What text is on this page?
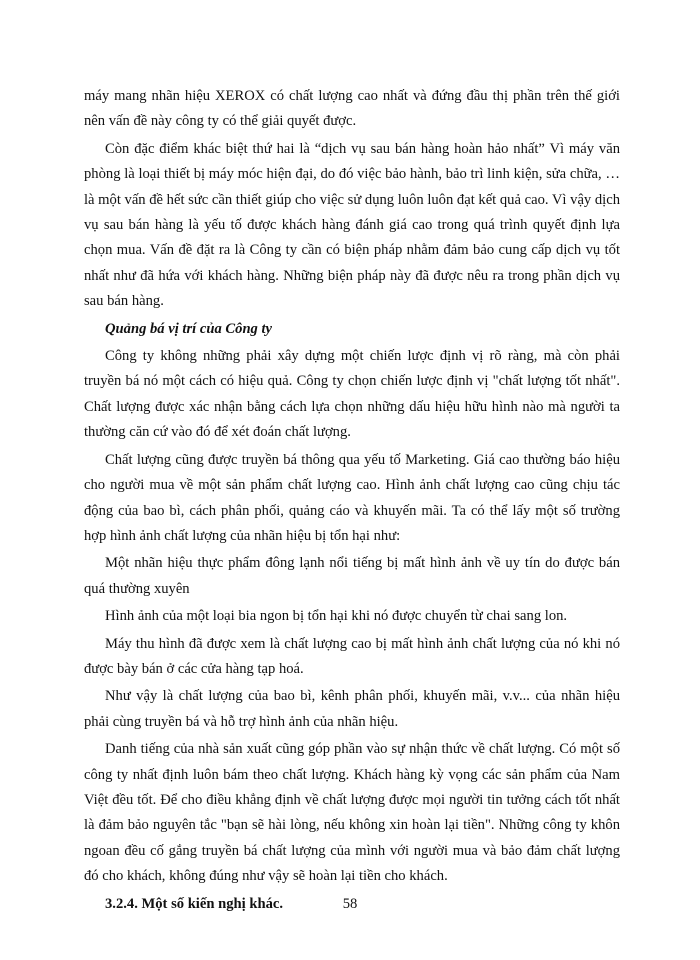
máy mang nhãn hiệu XEROX có chất lượng cao nhất và đứng đầu thị phần trên thế giới nên vấn đề này công ty có thể giải quyết được.

Còn đặc điểm khác biệt thứ hai là “dịch vụ sau bán hàng hoàn hảo nhất” Vì máy văn phòng là loại thiết bị máy móc hiện đại, do đó việc bảo hành, bảo trì linh kiện, sửa chữa, … là một vấn đề hết sức cần thiết giúp cho việc sử dụng luôn luôn đạt kết quả cao. Vì vậy dịch vụ sau bán hàng là yếu tố được khách hàng đánh giá cao trong quá trình quyết định lựa chọn mua. Vấn đề đặt ra là Công ty cần có biện pháp nhằm đảm bảo cung cấp dịch vụ tốt nhất như đã hứa với khách hàng. Những biện pháp này đã được nêu ra trong phần dịch vụ sau bán hàng.

Quảng bá vị trí của Công ty

Công ty không những phải xây dựng một chiến lược định vị rõ ràng, mà còn phải truyền bá nó một cách có hiệu quả. Công ty chọn chiến lược định vị "chất lượng tốt nhất". Chất lượng được xác nhận bằng cách lựa chọn những dấu hiệu hữu hình nào mà người ta thường căn cứ vào đó để xét đoán chất lượng.

Chất lượng cũng được truyền bá thông qua yếu tố Marketing. Giá cao thường báo hiệu cho người mua về một sản phẩm chất lượng cao. Hình ảnh chất lượng cao cũng chịu tác động của bao bì, cách phân phối, quảng cáo và khuyến mãi. Ta có thể lấy một số trường hợp hình ảnh chất lượng của nhãn hiệu bị tổn hại như:

Một nhãn hiệu thực phẩm đông lạnh nổi tiếng bị mất hình ảnh về uy tín do được bán quá thường xuyên

Hình ảnh của một loại bia ngon bị tổn hại khi nó được chuyển từ chai sang lon.

Máy thu hình đã được xem là chất lượng cao bị mất hình ảnh chất lượng của nó khi nó được bày bán ở các cửa hàng tạp hoá.

Như vậy là chất lượng của bao bì, kênh phân phối, khuyến mãi, v.v... của nhãn hiệu phải cùng truyền bá và hỗ trợ hình ảnh của nhãn hiệu.

Danh tiếng của nhà sản xuất cũng góp phần vào sự nhận thức về chất lượng. Có một số công ty nhất định luôn bám theo chất lượng. Khách hàng kỳ vọng các sản phẩm của Nam Việt đều tốt. Để cho điều khẳng định về chất lượng được mọi người tin tưởng cách tốt nhất là đảm bảo nguyên tắc "bạn sẽ hài lòng, nếu không xin hoàn lại tiền". Những công ty khôn ngoan đều cố gắng truyền bá chất lượng của mình với người mua và bảo đảm chất lượng đó cho khách, không đúng như vậy sẽ hoàn lại tiền cho khách.

3.2.4. Một số kiến nghị khác.	58
